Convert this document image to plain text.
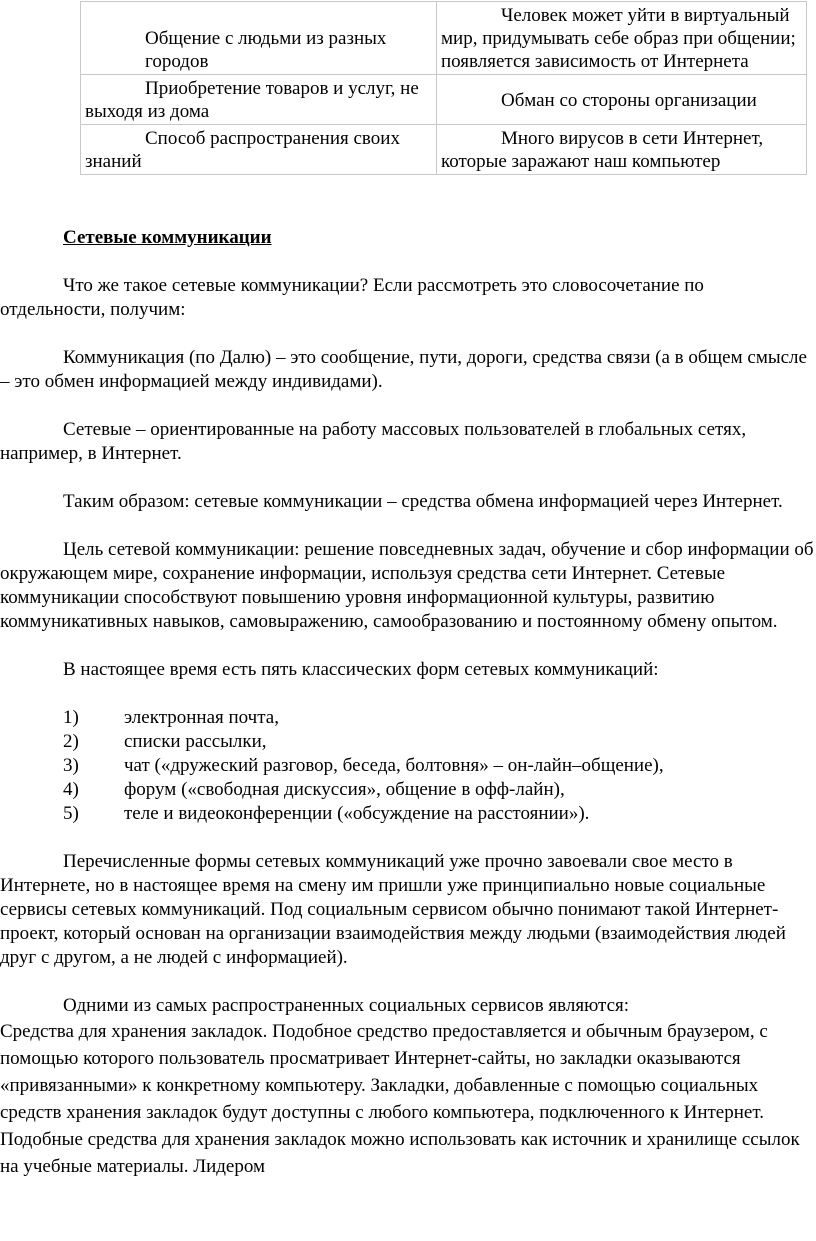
Общение с людьми из разных городов	Человек может уйти в виртуальный мир, придумывать себе образ при общении; появляется зависимость от Интернета

Приобретение товаров и услуг, не выходя из дома	Обман со стороны организации

Способ распространения своих знаний	Много вирусов в сети Интернет, которые заражают наш компьютер
Сетевые коммуникации

Что же такое сетевые коммуникации? Если рассмотреть это словосочетание по отдельности, получим:

Коммуникация (по Далю) – это сообщение, пути, дороги, средства связи (а в общем смысле – это обмен информацией между индивидами).

Сетевые – ориентированные на работу массовых пользователей в глобальных сетях, например, в Интернет.

Таким образом: сетевые коммуникации – средства обмена информацией через Интернет.

Цель сетевой коммуникации: решение повседневных задач, обучение и сбор информации об окружающем мире, сохранение информации, используя средства сети Интернет. Сетевые коммуникации способствуют повышению уровня информационной культуры, развитию коммуникативных навыков, самовыражению, самообразованию и постоянному обмену опытом.

В настоящее время есть пять классических форм сетевых коммуникаций:

1) электронная почта,
2) списки рассылки,
3) чат («дружеский разговор, беседа, болтовня» – он-лайн–общение),
4) форум («свободная дискуссия», общение в офф-лайн),
5) теле и видеоконференции («обсуждение на расстоянии»).

Перечисленные формы сетевых коммуникаций уже прочно завоевали свое место в Интернете, но в настоящее время на смену им пришли уже принципиально новые социальные сервисы сетевых коммуникаций. Под социальным сервисом обычно понимают такой Интернет-проект, который основан на организации взаимодействия между людьми (взаимодействия людей друг с другом, а не людей с информацией).

Одними из самых распространенных социальных сервисов являются:

Средства для хранения закладок. Подобное средство предоставляется и обычным браузером, с помощью которого пользователь просматривает Интернет-сайты, но закладки оказываются «привязанными» к конкретному компьютеру. Закладки, добавленные с помощью социальных средств хранения закладок будут доступны с любого компьютера, подключенного к Интернет. Подобные средства для хранения закладок можно использовать как источник и хранилище ссылок на учебные материалы. Лидером
